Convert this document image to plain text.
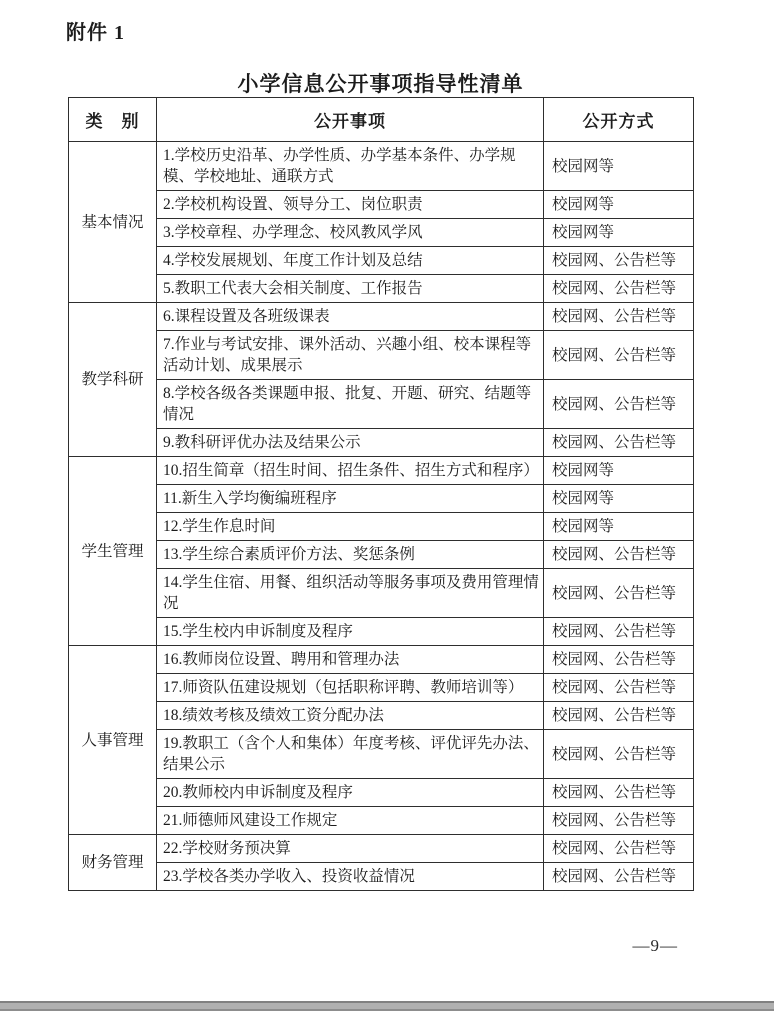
附件 1
小学信息公开事项指导性清单
类　别	公开事项	公开方式
基本情况	1.学校历史沿革、办学性质、办学基本条件、办学规模、学校地址、通联方式	校园网等
	2.学校机构设置、领导分工、岗位职责	校园网等
	3.学校章程、办学理念、校风教风学风	校园网等
	4.学校发展规划、年度工作计划及总结	校园网、公告栏等
	5.教职工代表大会相关制度、工作报告	校园网、公告栏等
教学科研	6.课程设置及各班级课表	校园网、公告栏等
	7.作业与考试安排、课外活动、兴趣小组、校本课程等活动计划、成果展示	校园网、公告栏等
	8.学校各级各类课题申报、批复、开题、研究、结题等情况	校园网、公告栏等
	9.教科研评优办法及结果公示	校园网、公告栏等
学生管理	10.招生简章（招生时间、招生条件、招生方式和程序）	校园网等
	11.新生入学均衡编班程序	校园网等
	12.学生作息时间	校园网等
	13.学生综合素质评价方法、奖惩条例	校园网、公告栏等
	14.学生住宿、用餐、组织活动等服务事项及费用管理情况	校园网、公告栏等
	15.学生校内申诉制度及程序	校园网、公告栏等
人事管理	16.教师岗位设置、聘用和管理办法	校园网、公告栏等
	17.师资队伍建设规划（包括职称评聘、教师培训等）	校园网、公告栏等
	18.绩效考核及绩效工资分配办法	校园网、公告栏等
	19.教职工（含个人和集体）年度考核、评优评先办法、结果公示	校园网、公告栏等
	20.教师校内申诉制度及程序	校园网、公告栏等
	21.师德师风建设工作规定	校园网、公告栏等
财务管理	22.学校财务预决算	校园网、公告栏等
	23.学校各类办学收入、投资收益情况	校园网、公告栏等
—9—
